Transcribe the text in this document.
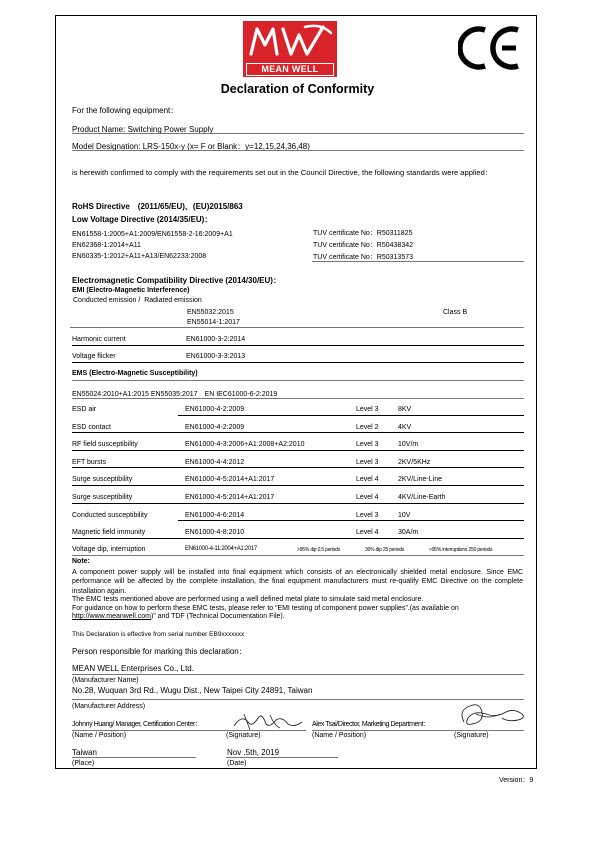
MEAN WELL
Declaration of Conformity
For the following equipment：
Product Name: Switching Power Supply
Model Designation: LRS-150x-y (x= F or Blank：y=12,15,24,36,48)
is herewith confirmed to comply with the requirements set out in the Council Directive, the following standards were applied：
RoHS Directive　(2011/65/EU)、(EU)2015/863
Low Voltage Directive (2014/35/EU)：
EN61558-1:2005+A1:2009/EN61558-2-16:2009+A1
EN62368-1:2014+A11
EN60335-1:2012+A11+A13/EN62233:2008
TUV certificate No：R50311825
TUV certificate No：R50438342
TUV certificate No：R50313573
Electromagnetic Compatibility Directive (2014/30/EU)：
EMI (Electro-Magnetic Interference)
Conducted emission /  Radiated emission
EN55032:2015
EN55014-1:2017
Class B
Harmonic current	EN61000-3-2:2014
Voltage flicker	EN61000-3-3:2013
EMS (Electro-Magnetic Susceptibility)
EN55024:2010+A1:2015 EN55035:2017　EN IEC61000-6-2:2019
ESD air	EN61000-4-2:2009	Level 3	8KV
ESD contact	EN61000-4-2:2009	Level 2	4KV
RF field susceptibility	EN61000-4-3:2006+A1:2008+A2:2010	Level 3	10V/m
EFT bursts	EN61000-4-4:2012	Level 3	2KV/5KHz
Surge susceptibility	EN61000-4-5:2014+A1:2017	Level 4	2KV/Line-Line
Surge susceptibility	EN61000-4-5:2014+A1:2017	Level 4	4KV/Line-Earth
Conducted susceptibility	EN61000-4-6:2014	Level 3	10V
Magnetic field immunity	EN61000-4-8:2010	Level 4	30A/m
Voltage dip, interruption	EN61000-4-11:2004+A1:2017	>95% dip 0.5 periods	30% dip 25 periods	>95% interruptions 250 periods
Note:
A component power supply will be installed into final equipment which consists of an electronically shielded metal enclosure. Since EMC performance will be affected by the complete installation, the final equipment manufacturers must re-qualify EMC Directive on the complete installation again.
The EMC tests mentioned above are performed using a well defined metal plate to simulate said metal enclosure.
For guidance on how to perform these EMC tests, please refer to “EMI testing of component power supplies”.(as available on
http://www.meanwell.com)” and TDF (Technical Documentation File).
This Declaration is effective from serial number EB9xxxxxxx
Person responsible for marking this declaration：
MEAN WELL Enterprises Co., Ltd.
(Manufacturer Name)
No.28, Wuquan 3rd Rd., Wugu Dist., New Taipei City 24891, Taiwan
(Manufacturer Address)
Johnny Huang/ Manager, Certification Center：
(Name / Position)	(Signature)
Alex Tsai/Director, Marketing Department：
(Name / Position)	(Signature)
Taiwan
(Place)
Nov .5th, 2019
(Date)
Version：9
